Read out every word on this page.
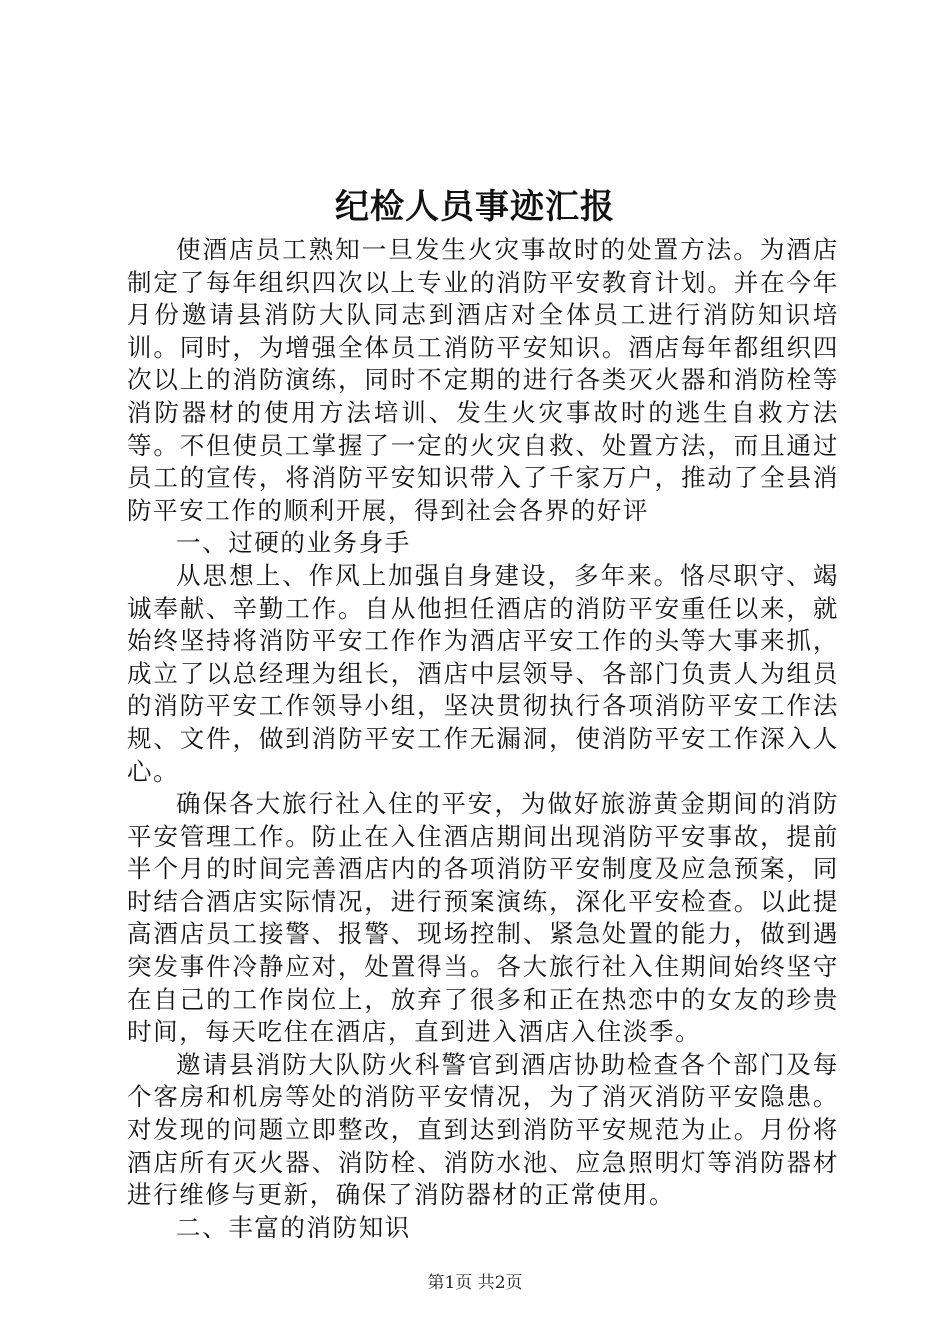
纪检人员事迹汇报

使酒店员工熟知一旦发生火灾事故时的处置方法。为酒店制定了每年组织四次以上专业的消防平安教育计划。并在今年月份邀请县消防大队同志到酒店对全体员工进行消防知识培训。同时，为增强全体员工消防平安知识。酒店每年都组织四次以上的消防演练，同时不定期的进行各类灭火器和消防栓等消防器材的使用方法培训、发生火灾事故时的逃生自救方法等。不但使员工掌握了一定的火灾自救、处置方法，而且通过员工的宣传，将消防平安知识带入了千家万户，推动了全县消防平安工作的顺利开展，得到社会各界的好评

一、过硬的业务身手

从思想上、作风上加强自身建设，多年来。恪尽职守、竭诚奉献、辛勤工作。自从他担任酒店的消防平安重任以来，就始终坚持将消防平安工作作为酒店平安工作的头等大事来抓，成立了以总经理为组长，酒店中层领导、各部门负责人为组员的消防平安工作领导小组，坚决贯彻执行各项消防平安工作法规、文件，做到消防平安工作无漏洞，使消防平安工作深入人心。

确保各大旅行社入住的平安，为做好旅游黄金期间的消防平安管理工作。防止在入住酒店期间出现消防平安事故，提前半个月的时间完善酒店内的各项消防平安制度及应急预案，同时结合酒店实际情况，进行预案演练，深化平安检查。以此提高酒店员工接警、报警、现场控制、紧急处置的能力，做到遇突发事件冷静应对，处置得当。各大旅行社入住期间始终坚守在自己的工作岗位上，放弃了很多和正在热恋中的女友的珍贵时间，每天吃住在酒店，直到进入酒店入住淡季。

邀请县消防大队防火科警官到酒店协助检查各个部门及每个客房和机房等处的消防平安情况，为了消灭消防平安隐患。对发现的问题立即整改，直到达到消防平安规范为止。月份将酒店所有灭火器、消防栓、消防水池、应急照明灯等消防器材进行维修与更新，确保了消防器材的正常使用。

二、丰富的消防知识

第1页 共2页
